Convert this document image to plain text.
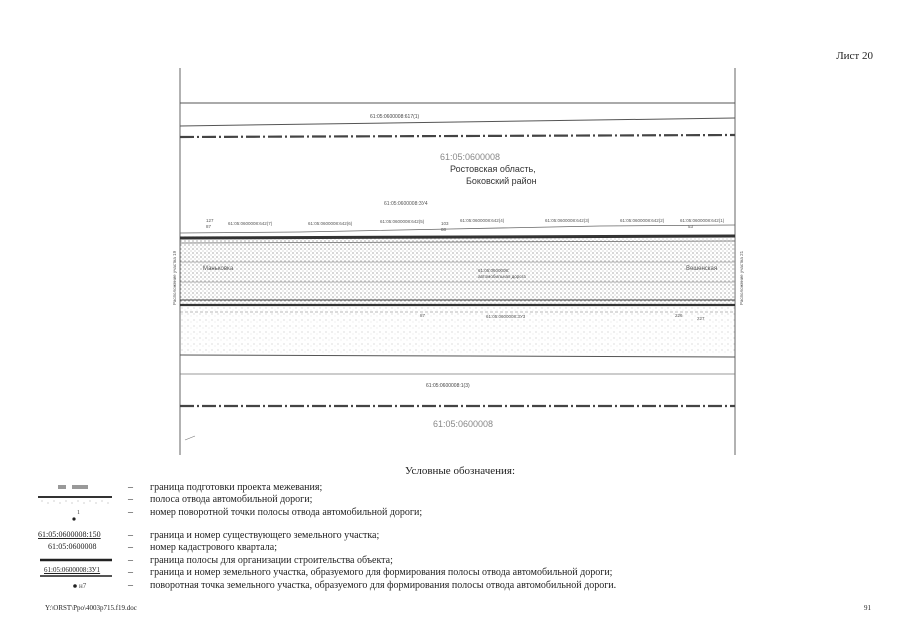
Лист 20
61:05:0600008:617(1)
61:05:0600008
Ростовская область,
Боковский район
61:05:0600008:ЗУ4
61:05:0600008:642(7)	61:05:0600008:642(6)	61:05:0600008:642(5)	61:05:0600008:642(4)	61:05:0600008:642(3)	61:05:0600008:642(2)	61:05:0600008:642(1)
127
87
103
88
53
Маньковка	Вешенская
61:05:0600008:
автомобильная дорога
61:05:0600008:ЗУ3
Расположение участка 19	Расположение участка 21
61:05:0600008:1(3)
61:05:0600008
Условные обозначения:
– граница подготовки проекта межевания;
– полоса отвода автомобильной дороги;
1	– номер поворотной точки полосы отвода автомобильной дороги;
61:05:0600008:150	– граница и номер существующего земельного участка;
61:05:0600008	– номер кадастрового квартала;
– граница полосы для организации строительства объекта;
61:05:0600008:ЗУ1	– граница и номер земельного участка, образуемого для формирования полосы отвода автомобильной дороги;
н7	– поворотная точка земельного участка, образуемого для формирования полосы отвода автомобильной дороги.
Y:\ORST\Ppo\4003p715.f19.doc	91
